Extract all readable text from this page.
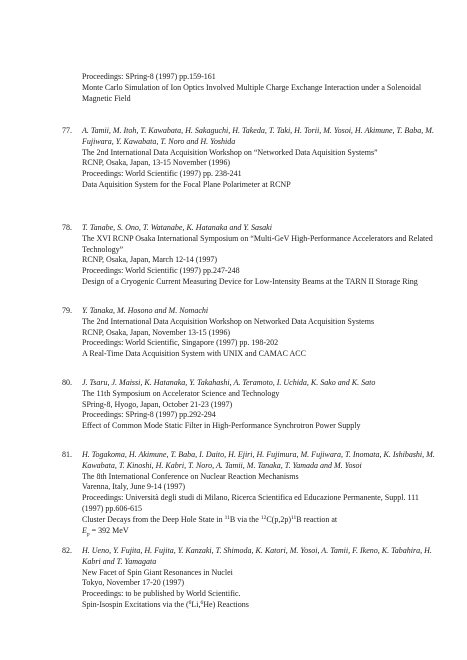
Proceedings: SPring-8 (1997) pp.159-161
Monte Carlo Simulation of Ion Optics Involved Multiple Charge Exchange Interaction under a Solenoidal Magnetic Field
77.	A. Tamii, M. Itoh, T. Kawabata, H. Sakaguchi, H. Takeda, T. Taki, H. Torii, M. Yosoi, H. Akimune, T. Baba, M. Fujiwara, Y. Kawabata, T. Noro and H. Yoshida
The 2nd International Data Acquisition Workshop on “Networked Data Aquisition Systems”
RCNP, Osaka, Japan, 13-15 November (1996)
Proceedings: World Scientific (1997) pp. 238-241
Data Aquisition System for the Focal Plane Polarimeter at RCNP
78.	T. Tanabe, S. Ono, T. Watanabe, K. Hatanaka and Y. Sasaki
The XVI RCNP Osaka International Symposium on “Multi-GeV High-Performance Accelerators and Related Technology”
RCNP, Osaka, Japan, March 12-14 (1997)
Proceedings: World Scientific (1997) pp.247-248
Design of a Cryogenic Current Measuring Device for Low-Intensity Beams at the TARN II Storage Ring
79.	Y. Tanaka, M. Hosono and M. Nomachi
The 2nd International Data Acquisition Workshop on Networked Data Acquisition Systems
RCNP, Osaka, Japan, November 13-15 (1996)
Proceedings: World Scientific, Singapore (1997) pp. 198-202
A Real-Time Data Acquisition System with UNIX and CAMAC ACC
80.	J. Tsaru, J. Maissi, K. Hatanaka, Y. Takahashi, A. Teramoto, I. Uchida, K. Sako and K. Sato
The 11th Symposium on Accelerator Science and Technology
SPring-8, Hyogo, Japan, October 21-23 (1997)
Proceedings: SPring-8 (1997) pp.292-294
Effect of Common Mode Static Filter in High-Performance Synchrotron Power Supply
81.	H. Togakoma, H. Akimune, T. Baba, I. Daito, H. Ejiri, H. Fujimura, M. Fujiwara, T. Inomata, K. Ishibashi, M. Kawabata, T. Kinoshi, H. Kabri, T. Noro, A. Tamii, M. Tanaka, T. Yamada and M. Yosoi
The 8th International Conference on Nuclear Reaction Mechanisms
Varenna, Italy, June 9-14 (1997)
Proceedings: Università degli studi di Milano, Ricerca Scientifica ed Educazione Permanente, Suppl. 111 (1997) pp.606-615
Cluster Decays from the Deep Hole State in $^{11}$B via the $^{12}C(p,2p)^{11}B$ reaction at
$E_p = 392$ MeV
82.	H. Ueno, Y. Fujita, H. Fujita, Y. Kanzaki, T. Shimoda, K. Katori, M. Yosoi, A. Tamii, F. Ikeno, K. Tabahira, H. Kabri and T. Yamagata
New Facet of Spin Giant Resonances in Nuclei
Tokyo, November 17-20 (1997)
Proceedings: to be published by World Scientific.
Spin-Isospin Excitations via the ($^6$Li,$^6$He) Reactions
